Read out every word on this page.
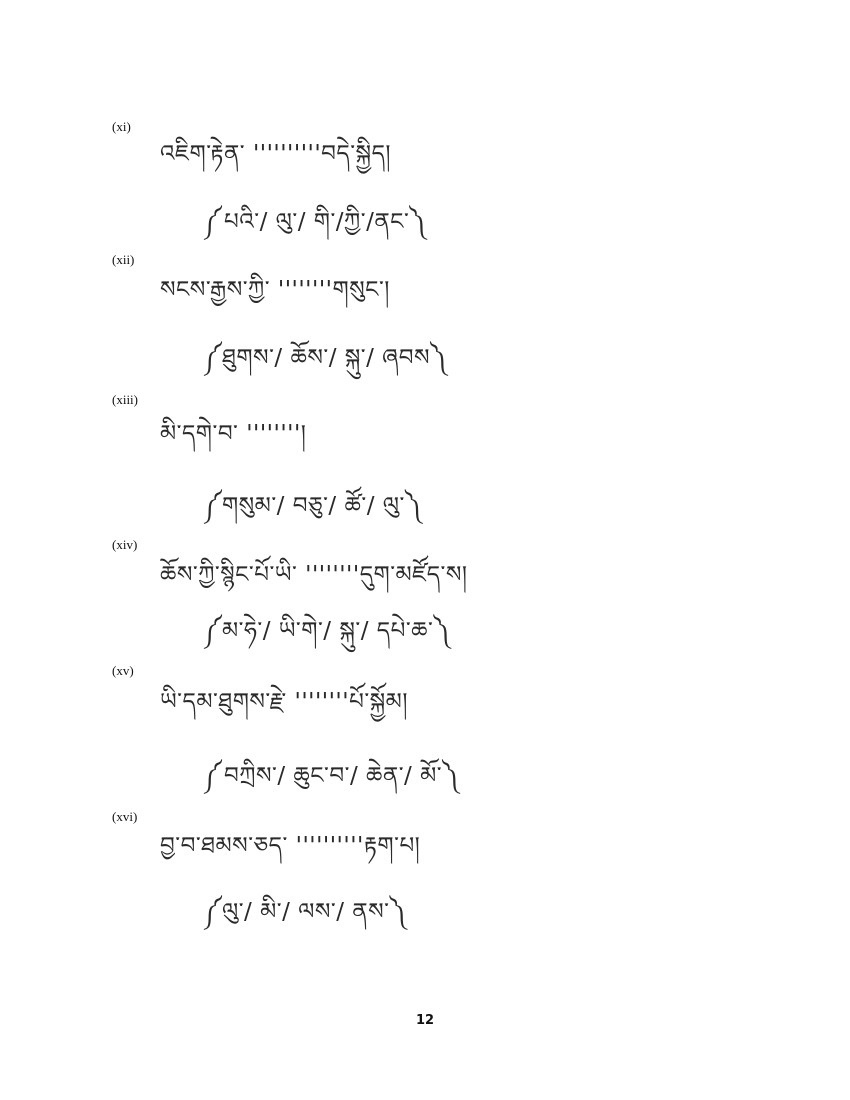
(xi)
འཇིག་རྟེན་ ''''''''''བདེ་སྐྱིད།
༼པའི་/ ལུ་/ གི་/ཀྱི་/ནང་༽
(xii)
སངས་རྒྱས་ཀྱི་ ''''''''གསུང་།
༼ཐུགས་/ ཆོས་/ སྐུ་/ ཞབས༽
(xiii)
མི་དགེ་བ་ ''''''''།
༼གསུམ་/ བཅུ་/ ཚོ་/ ལུ་༽
(xiv)
ཆོས་ཀྱི་སྙིང་པོ་ཡི་ ''''''''དུག་མཛོད་ས།
༼མ་ཧེ་/ ཡི་གེ་/ སྐུ་/ དཔེ་ཆ་༽
(xv)
ཡི་དམ་ཐུགས་རྗེ་ ''''''''པོ་སྐྱོམ།
༼བཀྲིས་/ ཆུང་བ་/ ཆེན་/ མོ་༽
(xvi)
བྱ་བ་ཐམས་ཅད་ ''''''''''རྟག་པ།
༼ལུ་/ མི་/ ལས་/ ནས་༽
12
